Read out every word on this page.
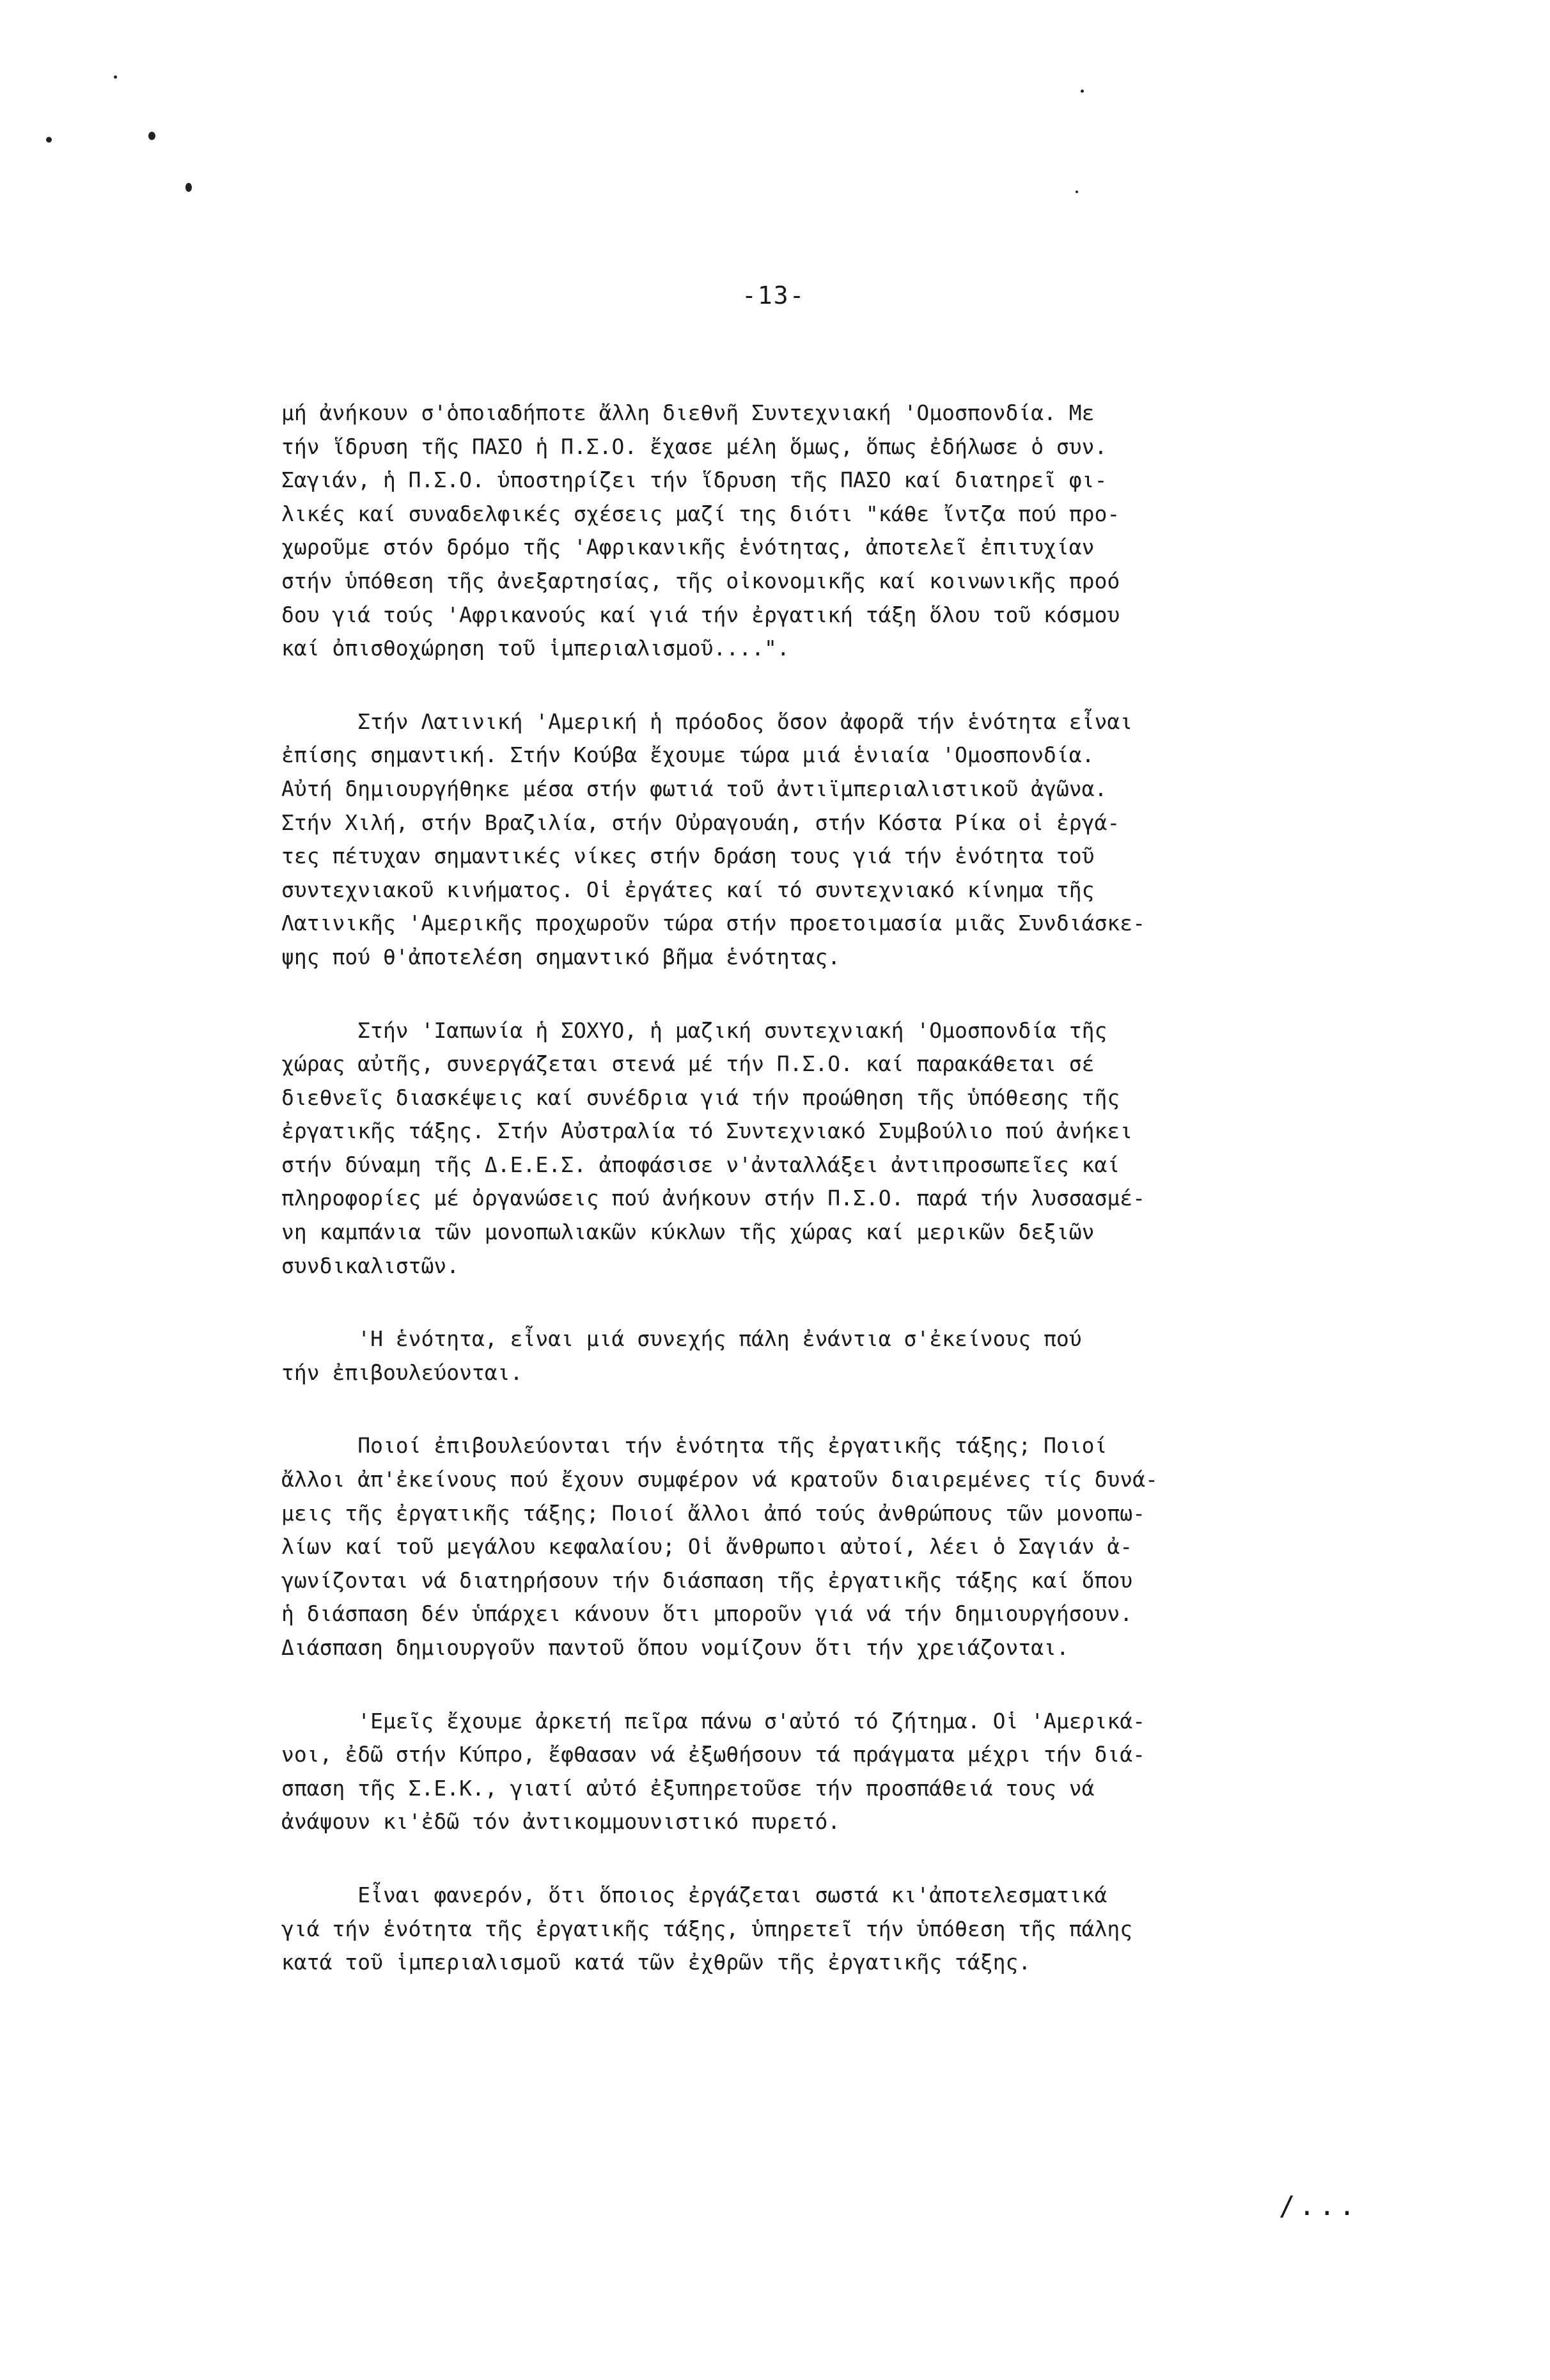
-13-

μή ἀνήκουν σ'ὁποιαδήποτε ἄλλη διεθνῆ Συντεχνιακή 'Ομοσπονδία. Με
τήν ἵδρυση τῆς ΠΑΣΟ ἡ Π.Σ.Ο. ἔχασε μέλη ὅμως, ὅπως ἐδήλωσε ὁ συν.
Σαγιάν, ἡ Π.Σ.Ο. ὑποστηρίζει τήν ἵδρυση τῆς ΠΑΣΟ καί διατηρεῖ φι-
λικές καί συναδελφικές σχέσεις μαζί της διότι "κάθε ἴντζα πού προ-
χωροῦμε στόν δρόμο τῆς 'Αφρικανικῆς ἑνότητας, ἀποτελεῖ ἐπιτυχίαν
στήν ὑπόθεση τῆς ἀνεξαρτησίας, τῆς οἰκονομικῆς καί κοινωνικῆς προό
δου γιά τούς 'Αφρικανούς καί γιά τήν ἐργατική τάξη ὅλου τοῦ κόσμου
καί ὀπισθοχώρηση τοῦ ἱμπεριαλισμοῦ....".

Στήν Λατινική 'Αμερική ἡ πρόοδος ὅσον ἀφορᾶ τήν ἑνότητα εἶναι
ἐπίσης σημαντική. Στήν Κούβα ἔχουμε τώρα μιά ἑνιαία 'Ομοσπονδία.
Αὐτή δημιουργήθηκε μέσα στήν φωτιά τοῦ ἀντιϊμπεριαλιστικοῦ ἀγῶνα.
Στήν Χιλή, στήν Βραζιλία, στήν Οὐραγουάη, στήν Κόστα Ρίκα οἱ ἐργά-
τες πέτυχαν σημαντικές νίκες στήν δράση τους γιά τήν ἑνότητα τοῦ
συντεχνιακοῦ κινήματος. Οἱ ἐργάτες καί τό συντεχνιακό κίνημα τῆς
Λατινικῆς 'Αμερικῆς προχωροῦν τώρα στήν προετοιμασία μιᾶς Συνδιάσκε-
ψης πού θ'ἀποτελέση σημαντικό βῆμα ἑνότητας.

Στήν 'Ιαπωνία ἡ ΣΟΧΥΟ, ἡ μαζική συντεχνιακή 'Ομοσπονδία τῆς
χώρας αὐτῆς, συνεργάζεται στενά μέ τήν Π.Σ.Ο. καί παρακάθεται σέ
διεθνεῖς διασκέψεις καί συνέδρια γιά τήν προώθηση τῆς ὑπόθεσης τῆς
ἐργατικῆς τάξης. Στήν Αὐστραλία τό Συντεχνιακό Συμβούλιο πού ἀνήκει
στήν δύναμη τῆς Δ.Ε.Ε.Σ. ἀποφάσισε ν'ἀνταλλάξει ἀντιπροσωπεῖες καί
πληροφορίες μέ ὀργανώσεις πού ἀνήκουν στήν Π.Σ.Ο. παρά τήν λυσσασμέ-
νη καμπάνια τῶν μονοπωλιακῶν κύκλων τῆς χώρας καί μερικῶν δεξιῶν
συνδικαλιστῶν.

'Η ἑνότητα, εἶναι μιά συνεχής πάλη ἐνάντια σ'ἐκείνους πού
τήν ἐπιβουλεύονται.

Ποιοί ἐπιβουλεύονται τήν ἑνότητα τῆς ἐργατικῆς τάξης; Ποιοί
ἄλλοι ἀπ'ἐκείνους πού ἔχουν συμφέρον νά κρατοῦν διαιρεμένες τίς δυνά-
μεις τῆς ἐργατικῆς τάξης; Ποιοί ἄλλοι ἀπό τούς ἀνθρώπους τῶν μονοπω-
λίων καί τοῦ μεγάλου κεφαλαίου; Οἱ ἄνθρωποι αὐτοί, λέει ὁ Σαγιάν ἀ-
γωνίζονται νά διατηρήσουν τήν διάσπαση τῆς ἐργατικῆς τάξης καί ὅπου
ἡ διάσπαση δέν ὑπάρχει κάνουν ὅτι μποροῦν γιά νά τήν δημιουργήσουν.
Διάσπαση δημιουργοῦν παντοῦ ὅπου νομίζουν ὅτι τήν χρειάζονται.

'Εμεῖς ἔχουμε ἀρκετή πεῖρα πάνω σ'αὐτό τό ζήτημα. Οἱ 'Αμερικά-
νοι, ἐδῶ στήν Κύπρο, ἔφθασαν νά ἐξωθήσουν τά πράγματα μέχρι τήν διά-
σπαση τῆς Σ.Ε.Κ., γιατί αὐτό ἐξυπηρετοῦσε τήν προσπάθειά τους νά
ἀνάψουν κι'ἐδῶ τόν ἀντικομμουνιστικό πυρετό.

Εἶναι φανερόν, ὅτι ὅποιος ἐργάζεται σωστά κι'ἀποτελεσματικά
γιά τήν ἑνότητα τῆς ἐργατικῆς τάξης, ὑπηρετεῖ τήν ὑπόθεση τῆς πάλης
κατά τοῦ ἱμπεριαλισμοῦ κατά τῶν ἐχθρῶν τῆς ἐργατικῆς τάξης.

/...
